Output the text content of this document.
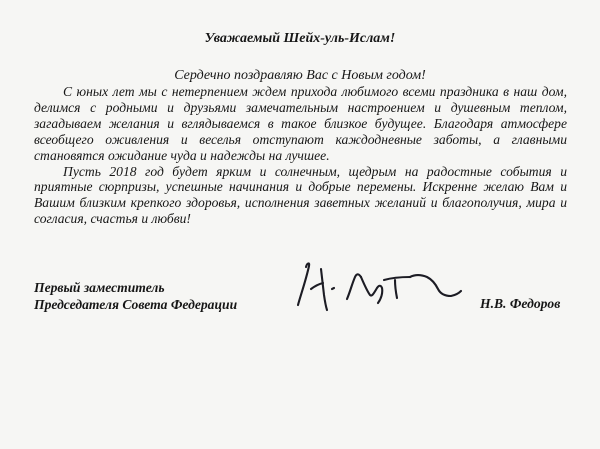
Уважаемый Шейх-уль-Ислам!
Сердечно поздравляю Вас с Новым годом!

С юных лет мы с нетерпением ждем прихода любимого всеми праздника в наш дом, делимся с родными и друзьями замечательным настроением и душевным теплом, загадываем желания и вглядываемся в такое близкое будущее. Благодаря атмосфере всеобщего оживления и веселья отступают каждодневные заботы, а главными становятся ожидание чуда и надежды на лучшее.

Пусть 2018 год будет ярким и солнечным, щедрым на радостные события и приятные сюрпризы, успешные начинания и добрые перемены. Искренне желаю Вам и Вашим близким крепкого здоровья, исполнения заветных желаний и благополучия, мира и согласия, счастья и любви!

Первый заместитель
Председателя Совета Федерации	Н.В. Федоров
